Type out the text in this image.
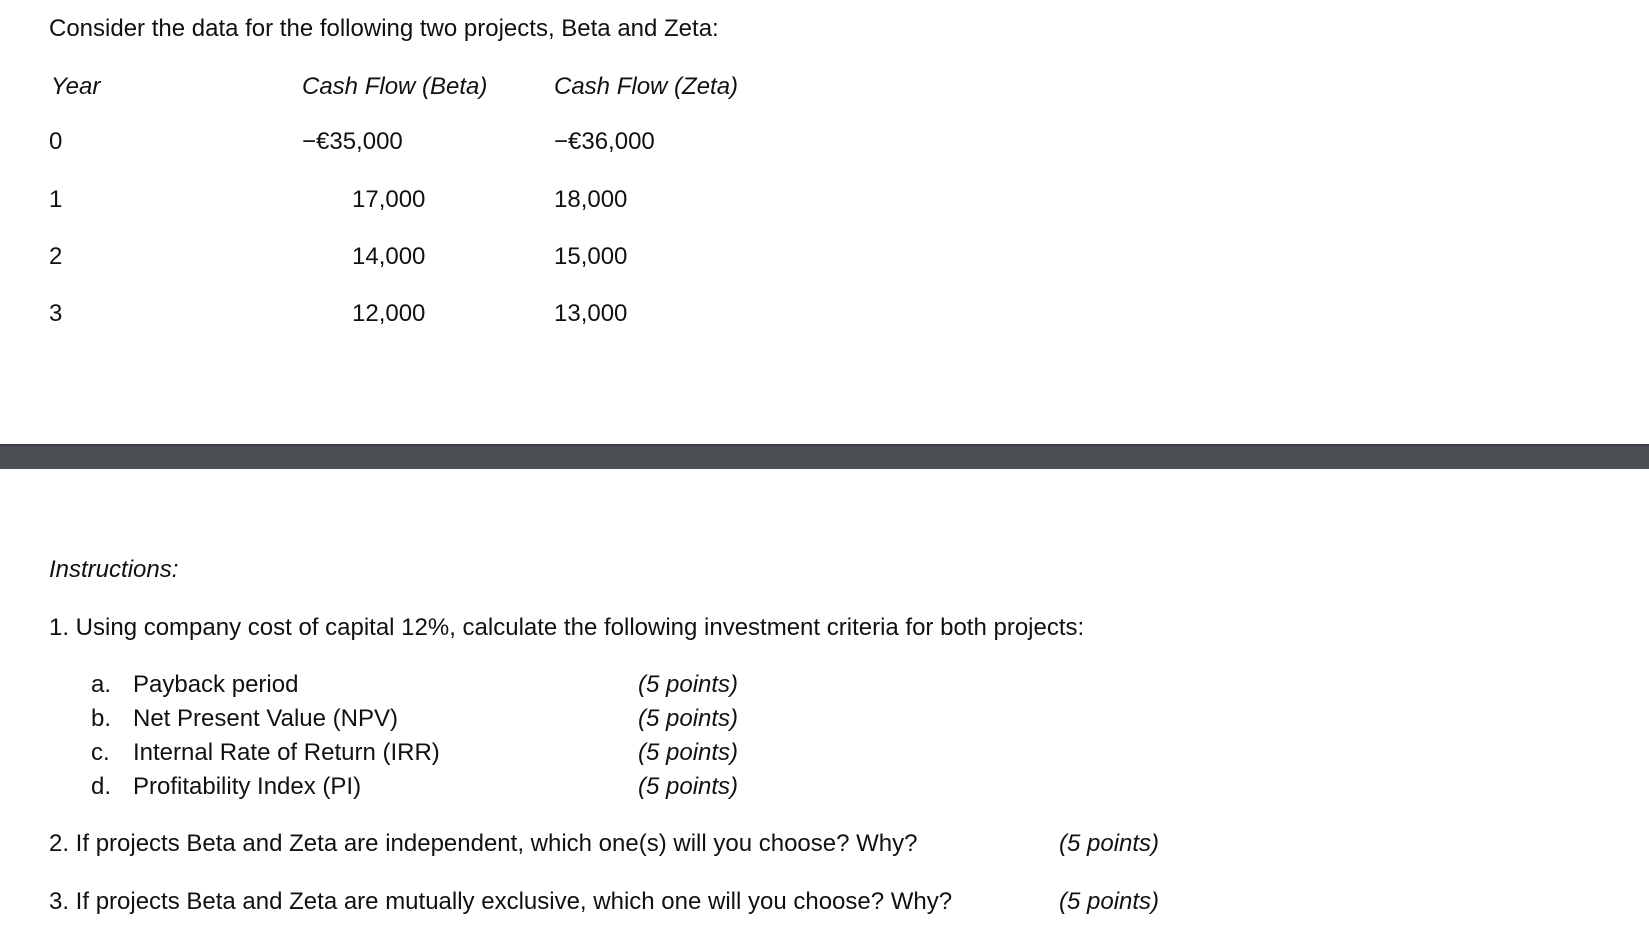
Consider the data for the following two projects, Beta and Zeta:
Year	Cash Flow (Beta)	Cash Flow (Zeta)
0	−€35,000	−€36,000
1	17,000	18,000
2	14,000	15,000
3	12,000	13,000
Instructions:
1. Using company cost of capital 12%, calculate the following investment criteria for both projects:
a. Payback period	(5 points)
b. Net Present Value (NPV)	(5 points)
c. Internal Rate of Return (IRR)	(5 points)
d. Profitability Index (PI)	(5 points)
2. If projects Beta and Zeta are independent, which one(s) will you choose? Why?	(5 points)
3. If projects Beta and Zeta are mutually exclusive, which one will you choose? Why?	(5 points)
